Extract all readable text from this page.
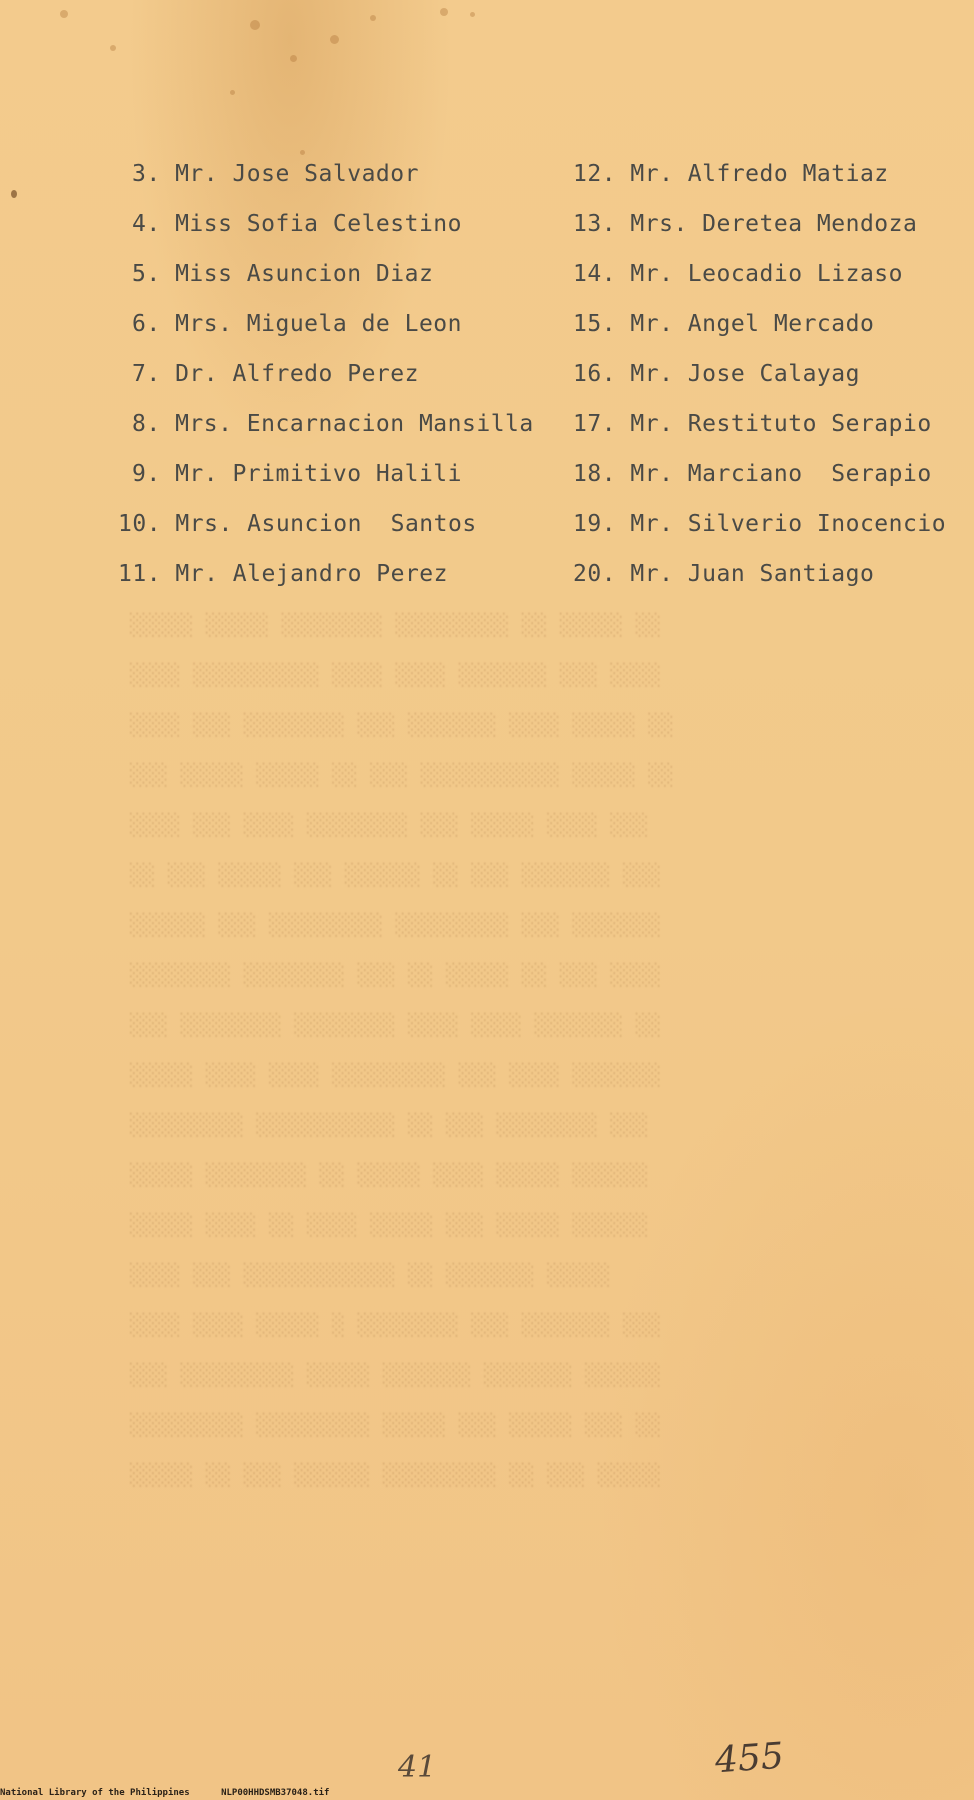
░░░░░ ░░░░░ ░░░░░░░░ ░░░░░░░░░ ░░ ░░░░░ ░░
░░░░ ░░░░░░░░░░ ░░░░ ░░░░ ░░░░░░░ ░░░ ░░░░
░░░░ ░░░ ░░░░░░░░ ░░░ ░░░░░░░ ░░░░ ░░░░░ ░░
░░░ ░░░░░ ░░░░░ ░░ ░░░ ░░░░░░░░░░░ ░░░░░ ░░
░░░░ ░░░ ░░░░ ░░░░░░░░ ░░░ ░░░░░ ░░░░ ░░░
░░ ░░░ ░░░░░ ░░░ ░░░░░░ ░░ ░░░ ░░░░░░░ ░░░
░░░░░░ ░░░ ░░░░░░░░░ ░░░░░░░░░ ░░░ ░░░░░░░
░░░░░░░░ ░░░░░░░░ ░░░ ░░ ░░░░░ ░░ ░░░ ░░░░
░░░ ░░░░░░░░ ░░░░░░░░ ░░░░ ░░░░ ░░░░░░░ ░░
░░░░░ ░░░░ ░░░░ ░░░░░░░░░ ░░░ ░░░░ ░░░░░░░
░░░░░░░░░ ░░░░░░░░░░░ ░░ ░░░ ░░░░░░░░ ░░░
░░░░░ ░░░░░░░░ ░░ ░░░░░ ░░░░ ░░░░░ ░░░░░░
░░░░░ ░░░░ ░░ ░░░░ ░░░░░ ░░░ ░░░░░ ░░░░░░
░░░░ ░░░ ░░░░░░░░░░░░ ░░ ░░░░░░░ ░░░░░
░░░░ ░░░░ ░░░░░ ░ ░░░░░░░░ ░░░ ░░░░░░░ ░░░
░░░ ░░░░░░░░░ ░░░░░ ░░░░░░░ ░░░░░░░ ░░░░░░
░░░░░░░░░ ░░░░░░░░░ ░░░░░ ░░░ ░░░░░ ░░░ ░░
░░░░░ ░░ ░░░ ░░░░░░ ░░░░░░░░░ ░░ ░░░ ░░░░░
3. Mr. Jose Salvador
4. Miss Sofia Celestino
5. Miss Asuncion Diaz
6. Mrs. Miguela de Leon
7. Dr. Alfredo Perez
8. Mrs. Encarnacion Mansilla
9. Mr. Primitivo Halili
10. Mrs. Asuncion  Santos
11. Mr. Alejandro Perez
12. Mr. Alfredo Matiaz
13. Mrs. Deretea Mendoza
14. Mr. Leocadio Lizaso
15. Mr. Angel Mercado
16. Mr. Jose Calayag
17. Mr. Restituto Serapio
18. Mr. Marciano  Serapio
19. Mr. Silverio Inocencio
20. Mr. Juan Santiago
41	455
National Library of the Philippines	NLP00HHDSMB37048.tif
